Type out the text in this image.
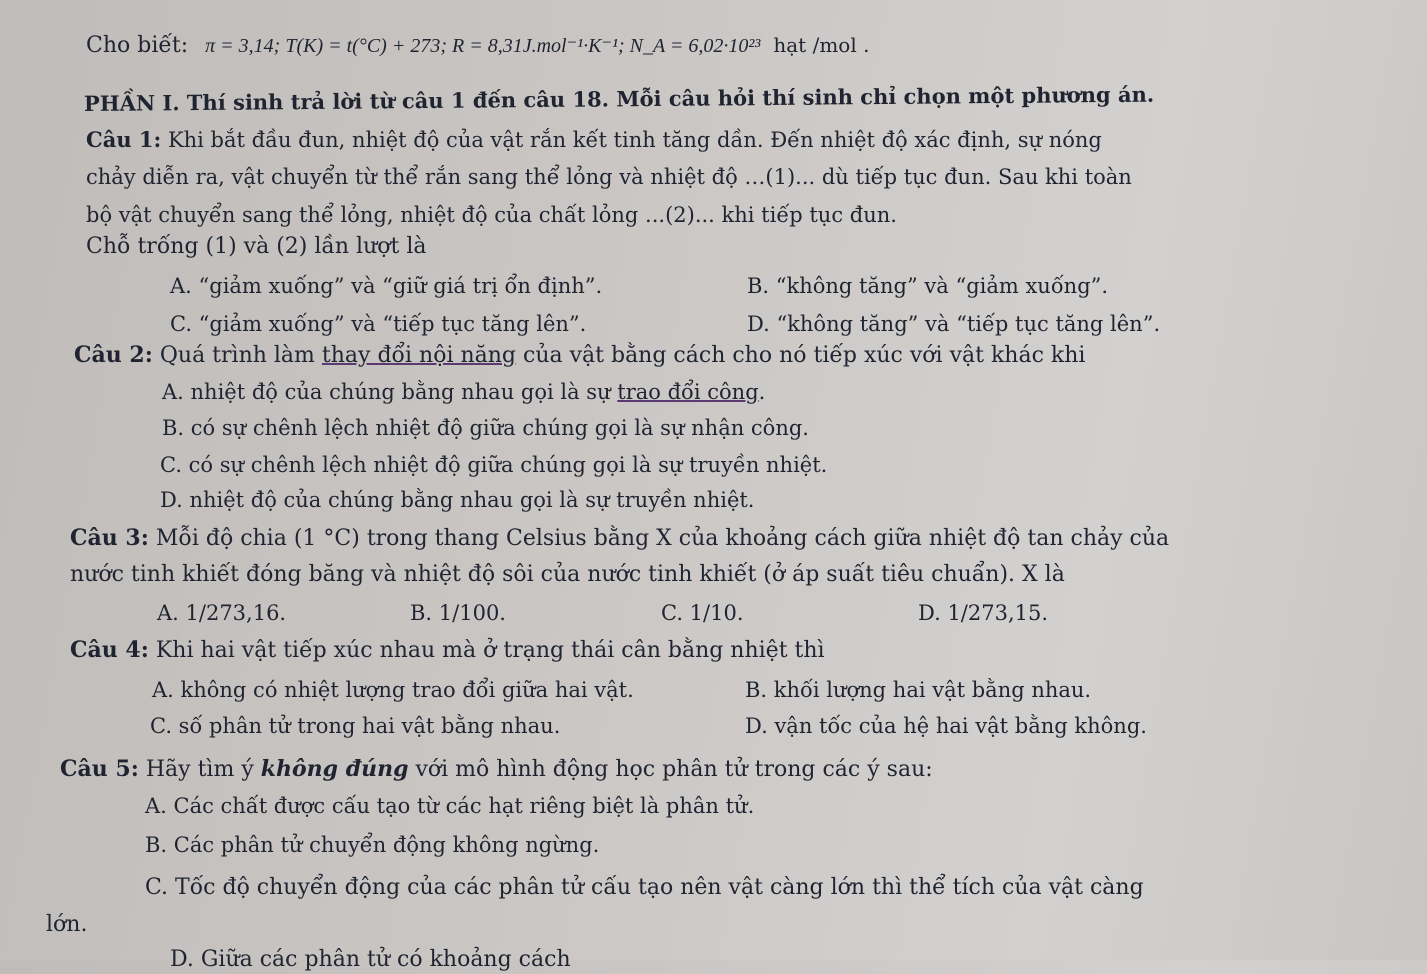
Cho biết: π = 3,14; T(K) = t(°C) + 273; R = 8,31J.mol⁻¹·K⁻¹; N_A = 6,02·10²³ hạt /mol .
PHẦN I. Thí sinh trả lời từ câu 1 đến câu 18. Mỗi câu hỏi thí sinh chỉ chọn một phương án.
Câu 1: Khi bắt đầu đun, nhiệt độ của vật rắn kết tinh tăng dần. Đến nhiệt độ xác định, sự nóng
chảy diễn ra, vật chuyển từ thể rắn sang thể lỏng và nhiệt độ …(1)... dù tiếp tục đun. Sau khi toàn
bộ vật chuyển sang thể lỏng, nhiệt độ của chất lỏng ...(2)... khi tiếp tục đun.
Chỗ trống (1) và (2) lần lượt là
A. “giảm xuống” và “giữ giá trị ổn định”.	B. “không tăng” và “giảm xuống”.
C. “giảm xuống” và “tiếp tục tăng lên”.	D. “không tăng” và “tiếp tục tăng lên”.
Câu 2: Quá trình làm thay đổi nội năng của vật bằng cách cho nó tiếp xúc với vật khác khi
A. nhiệt độ của chúng bằng nhau gọi là sự trao đổi công.
B. có sự chênh lệch nhiệt độ giữa chúng gọi là sự nhận công.
C. có sự chênh lệch nhiệt độ giữa chúng gọi là sự truyền nhiệt.
D. nhiệt độ của chúng bằng nhau gọi là sự truyền nhiệt.
Câu 3: Mỗi độ chia (1 °C) trong thang Celsius bằng X của khoảng cách giữa nhiệt độ tan chảy của
nước tinh khiết đóng băng và nhiệt độ sôi của nước tinh khiết (ở áp suất tiêu chuẩn). X là
A. 1/273,16.	B. 1/100.	C. 1/10.	D. 1/273,15.
Câu 4: Khi hai vật tiếp xúc nhau mà ở trạng thái cân bằng nhiệt thì
A. không có nhiệt lượng trao đổi giữa hai vật.	B. khối lượng hai vật bằng nhau.
C. số phân tử trong hai vật bằng nhau.	D. vận tốc của hệ hai vật bằng không.
Câu 5: Hãy tìm ý không đúng với mô hình động học phân tử trong các ý sau:
A. Các chất được cấu tạo từ các hạt riêng biệt là phân tử.
B. Các phân tử chuyển động không ngừng.
C. Tốc độ chuyển động của các phân tử cấu tạo nên vật càng lớn thì thể tích của vật càng
lớn.
D. Giữa các phân tử có khoảng cách
